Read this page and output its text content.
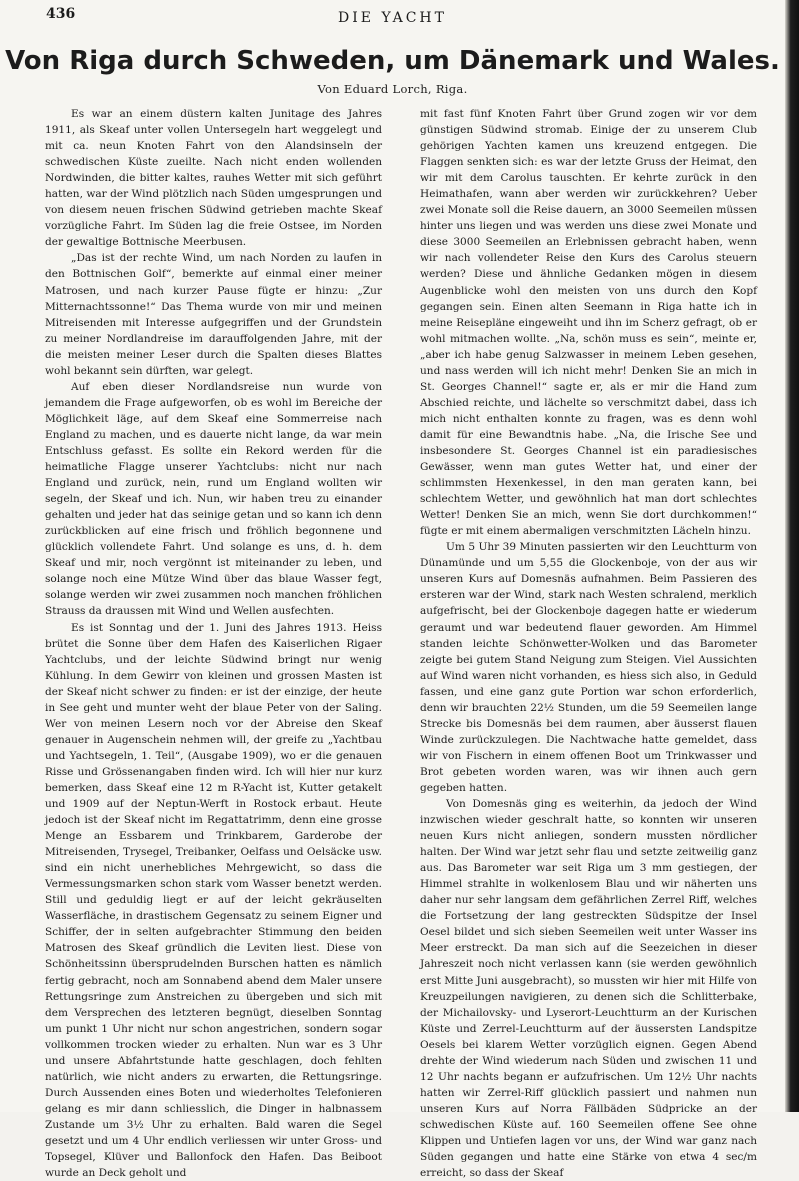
436	DIE YACHT
Von Riga durch Schweden, um Dänemark und Wales.
Von Eduard Lorch, Riga.

Es war an einem düstern kalten Junitage des Jahres 1911, als Skeaf unter vollen Untersegeln hart weggelegt und mit ca. neun Knoten Fahrt von den Alandsinseln der schwedischen Küste zueilte. Nach nicht enden wollenden Nordwinden, die bitter kaltes, rauhes Wetter mit sich geführt hatten, war der Wind plötzlich nach Süden umgesprungen und von diesem neuen frischen Südwind getrieben machte Skeaf vorzügliche Fahrt. Im Süden lag die freie Ostsee, im Norden der gewaltige Bottnische Meerbusen.

„Das ist der rechte Wind, um nach Norden zu laufen in den Bottnischen Golf“, bemerkte auf einmal einer meiner Matrosen, und nach kurzer Pause fügte er hinzu: „Zur Mitternachtssonne!“ Das Thema wurde von mir und meinen Mitreisenden mit Interesse aufgegriffen und der Grundstein zu meiner Nordlandreise im darauffolgenden Jahre, mit der die meisten meiner Leser durch die Spalten dieses Blattes wohl bekannt sein dürften, war gelegt.

Auf eben dieser Nordlandsreise nun wurde von jemandem die Frage aufgeworfen, ob es wohl im Bereiche der Möglichkeit läge, auf dem Skeaf eine Sommerreise nach England zu machen, und es dauerte nicht lange, da war mein Entschluss gefasst. Es sollte ein Rekord werden für die heimatliche Flagge unserer Yachtclubs: nicht nur nach England und zurück, nein, rund um England wollten wir segeln, der Skeaf und ich. Nun, wir haben treu zu einander gehalten und jeder hat das seinige getan und so kann ich denn zurückblicken auf eine frisch und fröhlich begonnene und glücklich vollendete Fahrt. Und solange es uns, d. h. dem Skeaf und mir, noch vergönnt ist miteinander zu leben, und solange noch eine Mütze Wind über das blaue Wasser fegt, solange werden wir zwei zusammen noch manchen fröhlichen Strauss da draussen mit Wind und Wellen ausfechten.

Es ist Sonntag und der 1. Juni des Jahres 1913. Heiss brütet die Sonne über dem Hafen des Kaiserlichen Rigaer Yachtclubs, und der leichte Südwind bringt nur wenig Kühlung. In dem Gewirr von kleinen und grossen Masten ist der Skeaf nicht schwer zu finden: er ist der einzige, der heute in See geht und munter weht der blaue Peter von der Saling. Wer von meinen Lesern noch vor der Abreise den Skeaf genauer in Augenschein nehmen will, der greife zu „Yachtbau und Yachtsegeln, 1. Teil“, (Ausgabe 1909), wo er die genauen Risse und Grössenangaben finden wird. Ich will hier nur kurz bemerken, dass Skeaf eine 12 m R-Yacht ist, Kutter getakelt und 1909 auf der Neptun-Werft in Rostock erbaut. Heute jedoch ist der Skeaf nicht im Regattatrimm, denn eine grosse Menge an Essbarem und Trinkbarem, Garderobe der Mitreisenden, Trysegel, Treibanker, Oelfass und Oelsäcke usw. sind ein nicht unerhebliches Mehrgewicht, so dass die Vermessungsmarken schon stark vom Wasser benetzt werden. Still und geduldig liegt er auf der leicht gekräuselten Wasserfläche, in drastischem Gegensatz zu seinem Eigner und Schiffer, der in selten aufgebrachter Stimmung den beiden Matrosen des Skeaf gründlich die Leviten liest. Diese von Schönheitssinn übersprudelnden Burschen hatten es nämlich fertig gebracht, noch am Sonnabend abend dem Maler unsere Rettungsringe zum Anstreichen zu übergeben und sich mit dem Versprechen des letzteren begnügt, dieselben Sonntag um punkt 1 Uhr nicht nur schon angestrichen, sondern sogar vollkommen trocken wieder zu erhalten. Nun war es 3 Uhr und unsere Abfahrtstunde hatte geschlagen, doch fehlten natürlich, wie nicht anders zu erwarten, die Rettungsringe. Durch Aussenden eines Boten und wiederholtes Telefonieren gelang es mir dann schliesslich, die Dinger in halbnassem Zustande um 3½ Uhr zu erhalten. Bald waren die Segel gesetzt und um 4 Uhr endlich verliessen wir unter Gross- und Topsegel, Klüver und Ballonfock den Hafen. Das Beiboot wurde an Deck geholt und

mit fast fünf Knoten Fahrt über Grund zogen wir vor dem günstigen Südwind stromab. Einige der zu unserem Club gehörigen Yachten kamen uns kreuzend entgegen. Die Flaggen senkten sich: es war der letzte Gruss der Heimat, den wir mit dem Carolus tauschten. Er kehrte zurück in den Heimathafen, wann aber werden wir zurückkehren? Ueber zwei Monate soll die Reise dauern, an 3000 Seemeilen müssen hinter uns liegen und was werden uns diese zwei Monate und diese 3000 Seemeilen an Erlebnissen gebracht haben, wenn wir nach vollendeter Reise den Kurs des Carolus steuern werden? Diese und ähnliche Gedanken mögen in diesem Augenblicke wohl den meisten von uns durch den Kopf gegangen sein. Einen alten Seemann in Riga hatte ich in meine Reisepläne eingeweiht und ihn im Scherz gefragt, ob er wohl mitmachen wollte. „Na, schön muss es sein“, meinte er, „aber ich habe genug Salzwasser in meinem Leben gesehen, und nass werden will ich nicht mehr! Denken Sie an mich in St. Georges Channel!“ sagte er, als er mir die Hand zum Abschied reichte, und lächelte so verschmitzt dabei, dass ich mich nicht enthalten konnte zu fragen, was es denn wohl damit für eine Bewandtnis habe. „Na, die Irische See und insbesondere St. Georges Channel ist ein paradiesisches Gewässer, wenn man gutes Wetter hat, und einer der schlimmsten Hexenkessel, in den man geraten kann, bei schlechtem Wetter, und gewöhnlich hat man dort schlechtes Wetter! Denken Sie an mich, wenn Sie dort durchkommen!“ fügte er mit einem abermaligen verschmitzten Lächeln hinzu.

Um 5 Uhr 39 Minuten passierten wir den Leuchtturm von Dünamünde und um 5,55 die Glockenboje, von der aus wir unseren Kurs auf Domesnäs aufnahmen. Beim Passieren des ersteren war der Wind, stark nach Westen schralend, merklich aufgefrischt, bei der Glockenboje dagegen hatte er wiederum geraumt und war bedeutend flauer geworden. Am Himmel standen leichte Schönwetter-Wolken und das Barometer zeigte bei gutem Stand Neigung zum Steigen. Viel Aussichten auf Wind waren nicht vorhanden, es hiess sich also, in Geduld fassen, und eine ganz gute Portion war schon erforderlich, denn wir brauchten 22½ Stunden, um die 59 Seemeilen lange Strecke bis Domesnäs bei dem raumen, aber äusserst flauen Winde zurückzulegen. Die Nachtwache hatte gemeldet, dass wir von Fischern in einem offenen Boot um Trinkwasser und Brot gebeten worden waren, was wir ihnen auch gern gegeben hatten.

Von Domesnäs ging es weiterhin, da jedoch der Wind inzwischen wieder geschralt hatte, so konnten wir unseren neuen Kurs nicht anliegen, sondern mussten nördlicher halten. Der Wind war jetzt sehr flau und setzte zeitweilig ganz aus. Das Barometer war seit Riga um 3 mm gestiegen, der Himmel strahlte in wolkenlosem Blau und wir näherten uns daher nur sehr langsam dem gefährlichen Zerrel Riff, welches die Fortsetzung der lang gestreckten Südspitze der Insel Oesel bildet und sich sieben Seemeilen weit unter Wasser ins Meer erstreckt. Da man sich auf die Seezeichen in dieser Jahreszeit noch nicht verlassen kann (sie werden gewöhnlich erst Mitte Juni ausgebracht), so mussten wir hier mit Hilfe von Kreuzpeilungen navigieren, zu denen sich die Schlitterbake, der Michailovsky- und Lyserort-Leuchtturm an der Kurischen Küste und Zerrel-Leuchtturm auf der äussersten Landspitze Oesels bei klarem Wetter vorzüglich eignen. Gegen Abend drehte der Wind wiederum nach Süden und zwischen 11 und 12 Uhr nachts begann er aufzufrischen. Um 12½ Uhr nachts hatten wir Zerrel-Riff glücklich passiert und nahmen nun unseren Kurs auf Norra Fällbäden Südpricke an der schwedischen Küste auf. 160 Seemeilen offene See ohne Klippen und Untiefen lagen vor uns, der Wind war ganz nach Süden gegangen und hatte eine Stärke von etwa 4 sec/m erreicht, so dass der Skeaf
